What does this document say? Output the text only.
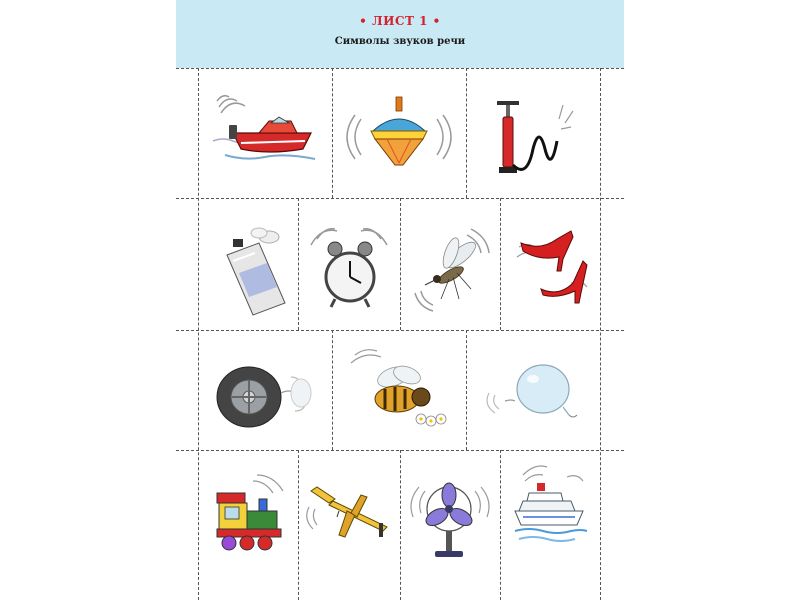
• ЛИСТ 1 •
Символы звуков речи
